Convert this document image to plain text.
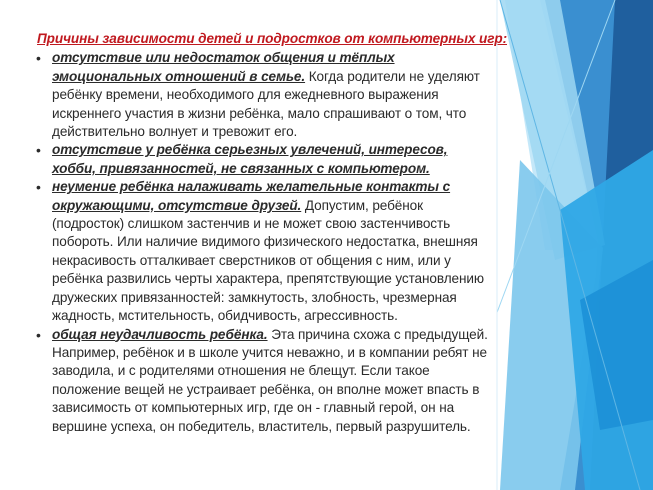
Причины зависимости детей и подростков от компьютерных игр:
• отсутствие или недостаток общения и тёплых эмоциональных отношений в семье. Когда родители не уделяют ребёнку времени, необходимого для ежедневного выражения искреннего участия в жизни ребёнка, мало спрашивают о том, что действительно волнует и тревожит его.
• отсутствие у ребёнка серьезных увлечений, интересов, хобби, привязанностей, не связанных с компьютером.
• неумение ребёнка налаживать желательные контакты с окружающими, отсутствие друзей. Допустим, ребёнок (подросток) слишком застенчив и не может свою застенчивость побороть. Или наличие видимого физического недостатка, внешняя некрасивость отталкивает сверстников от общения с ним, или у ребёнка развились черты характера, препятствующие установлению дружеских привязанностей: замкнутость, злобность, чрезмерная жадность, мстительность, обидчивость, агрессивность.
• общая неудачливость ребёнка. Эта причина схожа с предыдущей. Например, ребёнок и в школе учится неважно, и в компании ребят не заводила, и с родителями отношения не блещут. Если такое положение вещей не устраивает ребёнка, он вполне может впасть в зависимость от компьютерных игр, где он - главный герой, он на вершине успеха, он победитель, властитель, первый разрушитель.
